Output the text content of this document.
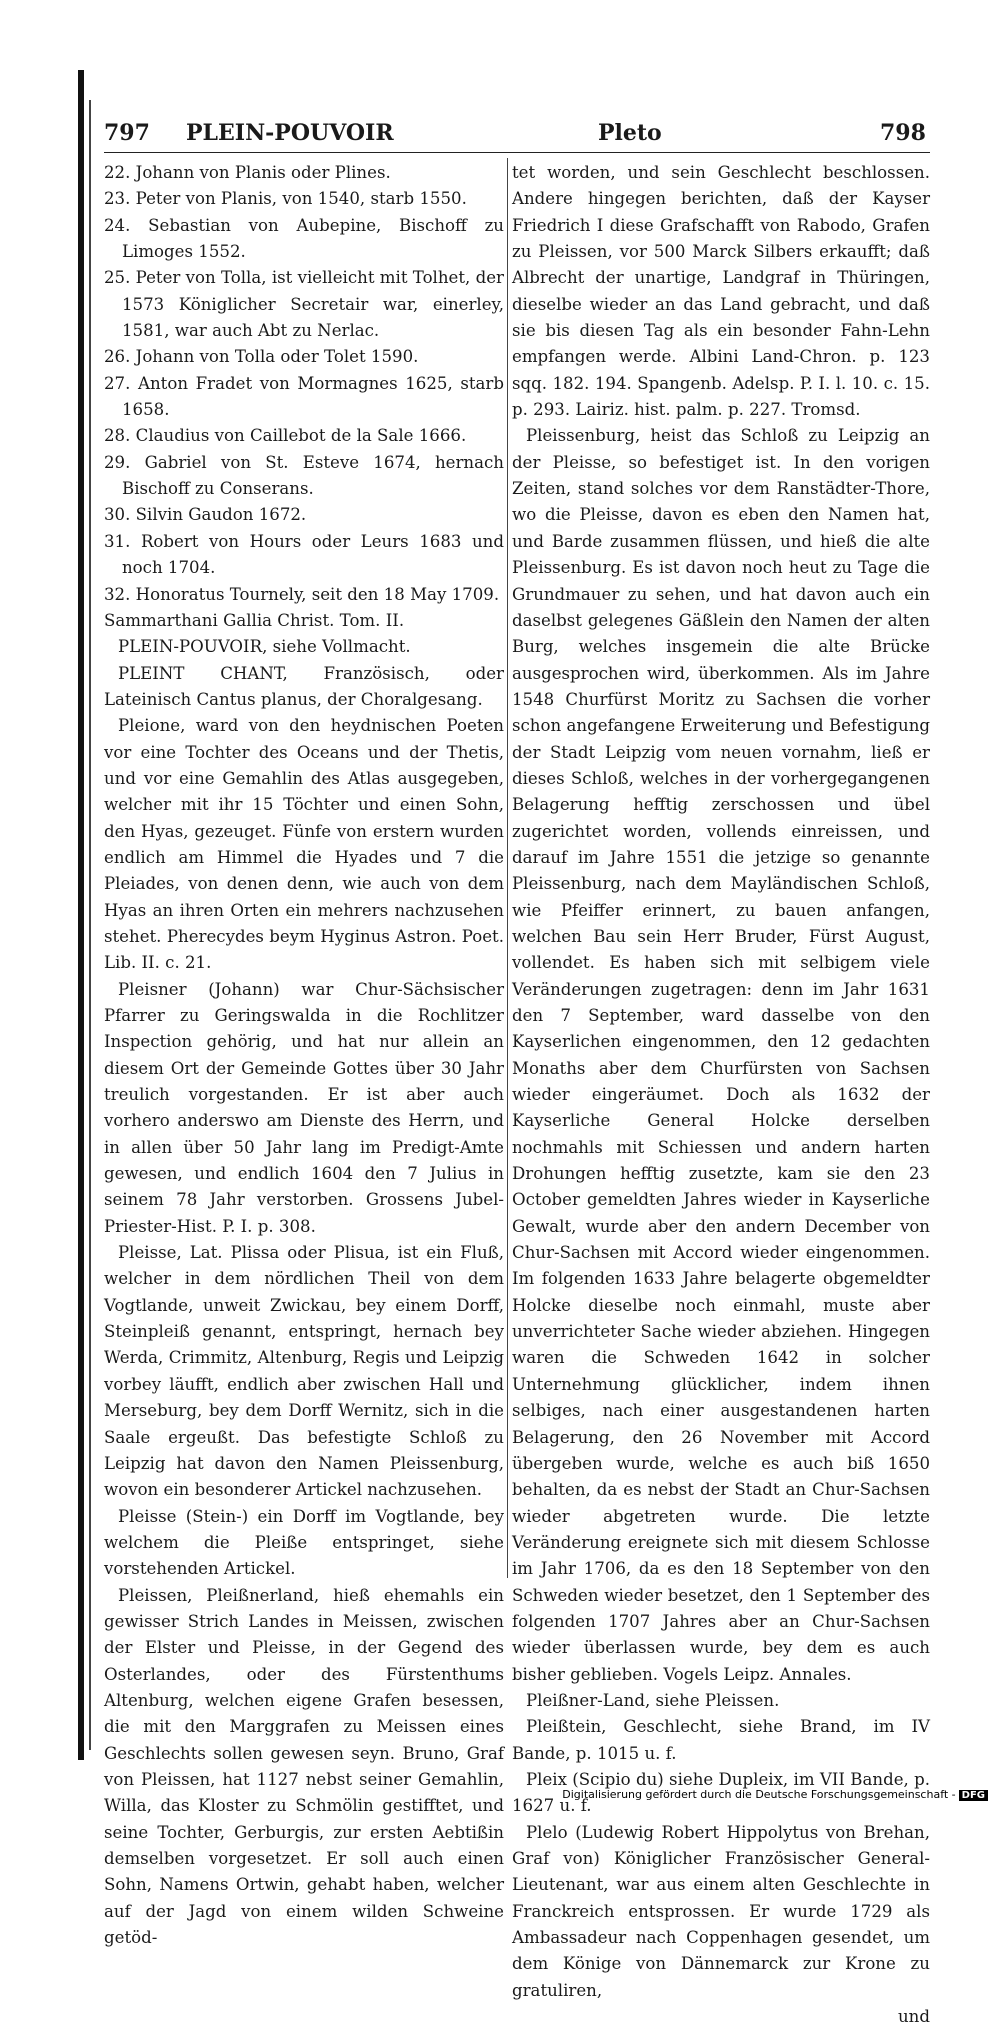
797 PLEIN-POUVOIR	Pleto	798

22. Johann von Planis oder Plines.

23. Peter von Planis, von 1540, starb 1550.

24. Sebastian von Aubepine, Bischoff zu Limoges 1552.

25. Peter von Tolla, ist vielleicht mit Tolhet, der 1573 Königlicher Secretair war, einerley, 1581, war auch Abt zu Nerlac.

26. Johann von Tolla oder Tolet 1590.

27. Anton Fradet von Mormagnes 1625, starb 1658.

28. Claudius von Caillebot de la Sale 1666.

29. Gabriel von St. Esteve 1674, hernach Bischoff zu Conserans.

30. Silvin Gaudon 1672.

31. Robert von Hours oder Leurs 1683 und noch 1704.

32. Honoratus Tournely, seit den 18 May 1709.

Sammarthani Gallia Christ. Tom. II.

PLEIN-POUVOIR, siehe Vollmacht.

PLEINT CHANT, Französisch, oder Lateinisch Cantus planus, der Choralgesang.

Pleione, ward von den heydnischen Poeten vor eine Tochter des Oceans und der Thetis, und vor eine Gemahlin des Atlas ausgegeben, welcher mit ihr 15 Töchter und einen Sohn, den Hyas, gezeuget. Fünfe von erstern wurden endlich am Himmel die Hyades und 7 die Pleiades, von denen denn, wie auch von dem Hyas an ihren Orten ein mehrers nachzusehen stehet. Pherecydes beym Hyginus Astron. Poet. Lib. II. c. 21.

Pleisner (Johann) war Chur-Sächsischer Pfarrer zu Geringswalda in die Rochlitzer Inspection gehörig, und hat nur allein an diesem Ort der Gemeinde Gottes über 30 Jahr treulich vorgestanden. Er ist aber auch vorhero anderswo am Dienste des Herrn, und in allen über 50 Jahr lang im Predigt-Amte gewesen, und endlich 1604 den 7 Julius in seinem 78 Jahr verstorben. Grossens Jubel-Priester-Hist. P. I. p. 308.

Pleisse, Lat. Plissa oder Plisua, ist ein Fluß, welcher in dem nördlichen Theil von dem Vogtlande, unweit Zwickau, bey einem Dorff, Steinpleiß genannt, entspringt, hernach bey Werda, Crimmitz, Altenburg, Regis und Leipzig vorbey läufft, endlich aber zwischen Hall und Merseburg, bey dem Dorff Wernitz, sich in die Saale ergeußt. Das befestigte Schloß zu Leipzig hat davon den Namen Pleissenburg, wovon ein besonderer Artickel nachzusehen.

Pleisse (Stein-) ein Dorff im Vogtlande, bey welchem die Pleiße entspringet, siehe vorstehenden Artickel.

Pleissen, Pleißnerland, hieß ehemahls ein gewisser Strich Landes in Meissen, zwischen der Elster und Pleisse, in der Gegend des Osterlandes, oder des Fürstenthums Altenburg, welchen eigene Grafen besessen, die mit den Marggrafen zu Meissen eines Geschlechts sollen gewesen seyn. Bruno, Graf von Pleissen, hat 1127 nebst seiner Gemahlin, Willa, das Kloster zu Schmölin gestifftet, und seine Tochter, Gerburgis, zur ersten Aebtißin demselben vorgesetzet. Er soll auch einen Sohn, Namens Ortwin, gehabt haben, welcher auf der Jagd von einem wilden Schweine getöd-

tet worden, und sein Geschlecht beschlossen. Andere hingegen berichten, daß der Kayser Friedrich I diese Grafschafft von Rabodo, Grafen zu Pleissen, vor 500 Marck Silbers erkaufft; daß Albrecht der unartige, Landgraf in Thüringen, dieselbe wieder an das Land gebracht, und daß sie bis diesen Tag als ein besonder Fahn-Lehn empfangen werde. Albini Land-Chron. p. 123 sqq. 182. 194. Spangenb. Adelsp. P. I. l. 10. c. 15. p. 293. Lairiz. hist. palm. p. 227. Tromsd.

Pleissenburg, heist das Schloß zu Leipzig an der Pleisse, so befestiget ist. In den vorigen Zeiten, stand solches vor dem Ranstädter-Thore, wo die Pleisse, davon es eben den Namen hat, und Barde zusammen flüssen, und hieß die alte Pleissenburg. Es ist davon noch heut zu Tage die Grundmauer zu sehen, und hat davon auch ein daselbst gelegenes Gäßlein den Namen der alten Burg, welches insgemein die alte Brücke ausgesprochen wird, überkommen. Als im Jahre 1548 Churfürst Moritz zu Sachsen die vorher schon angefangene Erweiterung und Befestigung der Stadt Leipzig vom neuen vornahm, ließ er dieses Schloß, welches in der vorhergegangenen Belagerung hefftig zerschossen und übel zugerichtet worden, vollends einreissen, und darauf im Jahre 1551 die jetzige so genannte Pleissenburg, nach dem Mayländischen Schloß, wie Pfeiffer erinnert, zu bauen anfangen, welchen Bau sein Herr Bruder, Fürst August, vollendet. Es haben sich mit selbigem viele Veränderungen zugetragen: denn im Jahr 1631 den 7 September, ward dasselbe von den Kayserlichen eingenommen, den 12 gedachten Monaths aber dem Churfürsten von Sachsen wieder eingeräumet. Doch als 1632 der Kayserliche General Holcke derselben nochmahls mit Schiessen und andern harten Drohungen hefftig zusetzte, kam sie den 23 October gemeldten Jahres wieder in Kayserliche Gewalt, wurde aber den andern December von Chur-Sachsen mit Accord wieder eingenommen. Im folgenden 1633 Jahre belagerte obgemeldter Holcke dieselbe noch einmahl, muste aber unverrichteter Sache wieder abziehen. Hingegen waren die Schweden 1642 in solcher Unternehmung glücklicher, indem ihnen selbiges, nach einer ausgestandenen harten Belagerung, den 26 November mit Accord übergeben wurde, welche es auch biß 1650 behalten, da es nebst der Stadt an Chur-Sachsen wieder abgetreten wurde. Die letzte Veränderung ereignete sich mit diesem Schlosse im Jahr 1706, da es den 18 September von den Schweden wieder besetzet, den 1 September des folgenden 1707 Jahres aber an Chur-Sachsen wieder überlassen wurde, bey dem es auch bisher geblieben. Vogels Leipz. Annales.

Pleißner-Land, siehe Pleissen.

Pleißtein, Geschlecht, siehe Brand, im IV Bande, p. 1015 u. f.

Pleix (Scipio du) siehe Dupleix, im VII Bande, p. 1627 u. f.

Plelo (Ludewig Robert Hippolytus von Brehan, Graf von) Königlicher Französischer General-Lieutenant, war aus einem alten Geschlechte in Franckreich entsprossen. Er wurde 1729 als Ambassadeur nach Coppenhagen gesendet, um dem Könige von Dännemarck zur Krone zu gratuliren,

und

Digitalisierung gefördert durch die Deutsche Forschungsgemeinschaft - DFG
